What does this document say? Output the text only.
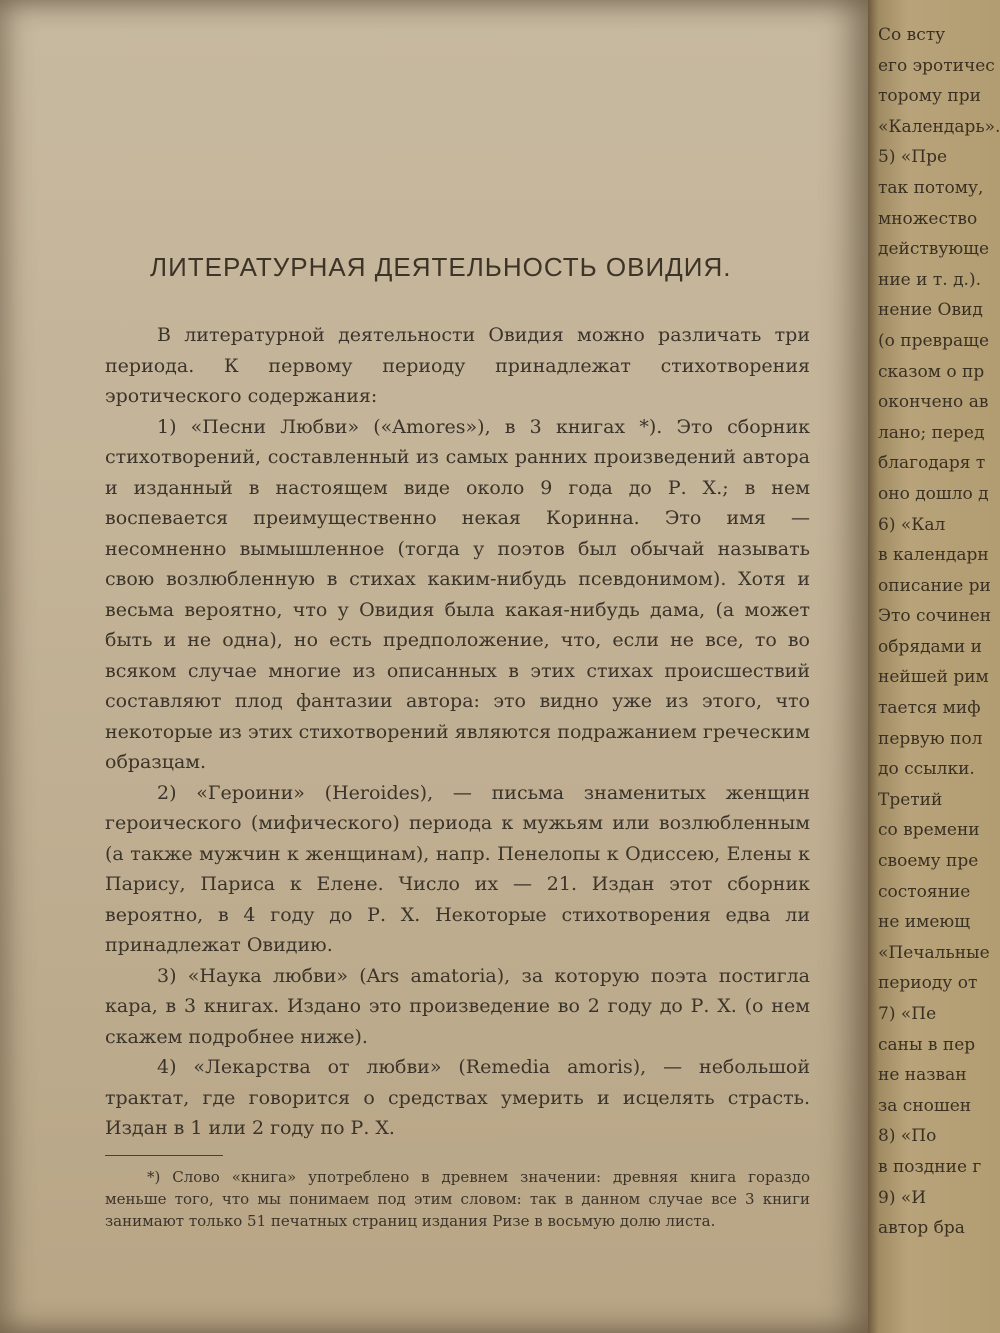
ЛИТЕРАТУРНАЯ ДЕЯТЕЛЬНОСТЬ ОВИДИЯ.

В литературной деятельности Овидия можно различать три периода. К первому периоду принадлежат стихотворения эротического содержания:

1) «Песни Любви» («Amores»), в 3 книгах *). Это сборник стихотворений, составленный из самых ранних произведений автора и изданный в настоящем виде около 9 года до Р. Х.; в нем воспевается преимущественно некая Коринна. Это имя — несомненно вымышленное (тогда у поэтов был обычай называть свою возлюбленную в стихах каким-нибудь псевдонимом). Хотя и весьма вероятно, что у Овидия была какая-нибудь дама, (а может быть и не одна), но есть предположение, что, если не все, то во всяком случае многие из описанных в этих стихах происшествий составляют плод фантазии автора: это видно уже из этого, что некоторые из этих стихотворений являются подражанием греческим образцам.

2) «Героини» (Heroides), — письма знаменитых женщин героического (мифического) периода к мужьям или возлюбленным (а также мужчин к женщинам), напр. Пенелопы к Одиссею, Елены к Парису, Париса к Елене. Число их — 21. Издан этот сборник вероятно, в 4 году до Р. Х. Некоторые стихотворения едва ли принадлежат Овидию.

3) «Наука любви» (Ars amatoria), за которую поэта постигла кара, в 3 книгах. Издано это произведение во 2 году до Р. Х. (о нем скажем подробнее ниже).

4) «Лекарства от любви» (Remedia amoris), — небольшой трактат, где говорится о средствах умерить и исцелять страсть. Издан в 1 или 2 году по Р. Х.

*) Слово «книга» употреблено в древнем значении: древняя книга гораздо меньше того, что мы понимаем под этим словом: так в данном случае все 3 книги занимают только 51 печатных страниц издания Ризе в восьмую долю листа.
Со всту
его эротичес
торому при
«Календарь».
5) «Пре
так потому,
множество
действующе
ние и т. д.).
нение Овид
(о превраще
сказом о пр
окончено ав
лано; перед
благодаря т
оно дошло д
6) «Кал
в календарн
описание ри
Это сочинен
обрядами и
нейшей рим
тается миф
первую пол
до ссылки.
Третий
со времени
своему пре
состояние
не имеющ
«Печальные
периоду от
7) «Пе
саны в пер
не назван
за сношен
8) «По
в поздние г
9) «И
автор бра
